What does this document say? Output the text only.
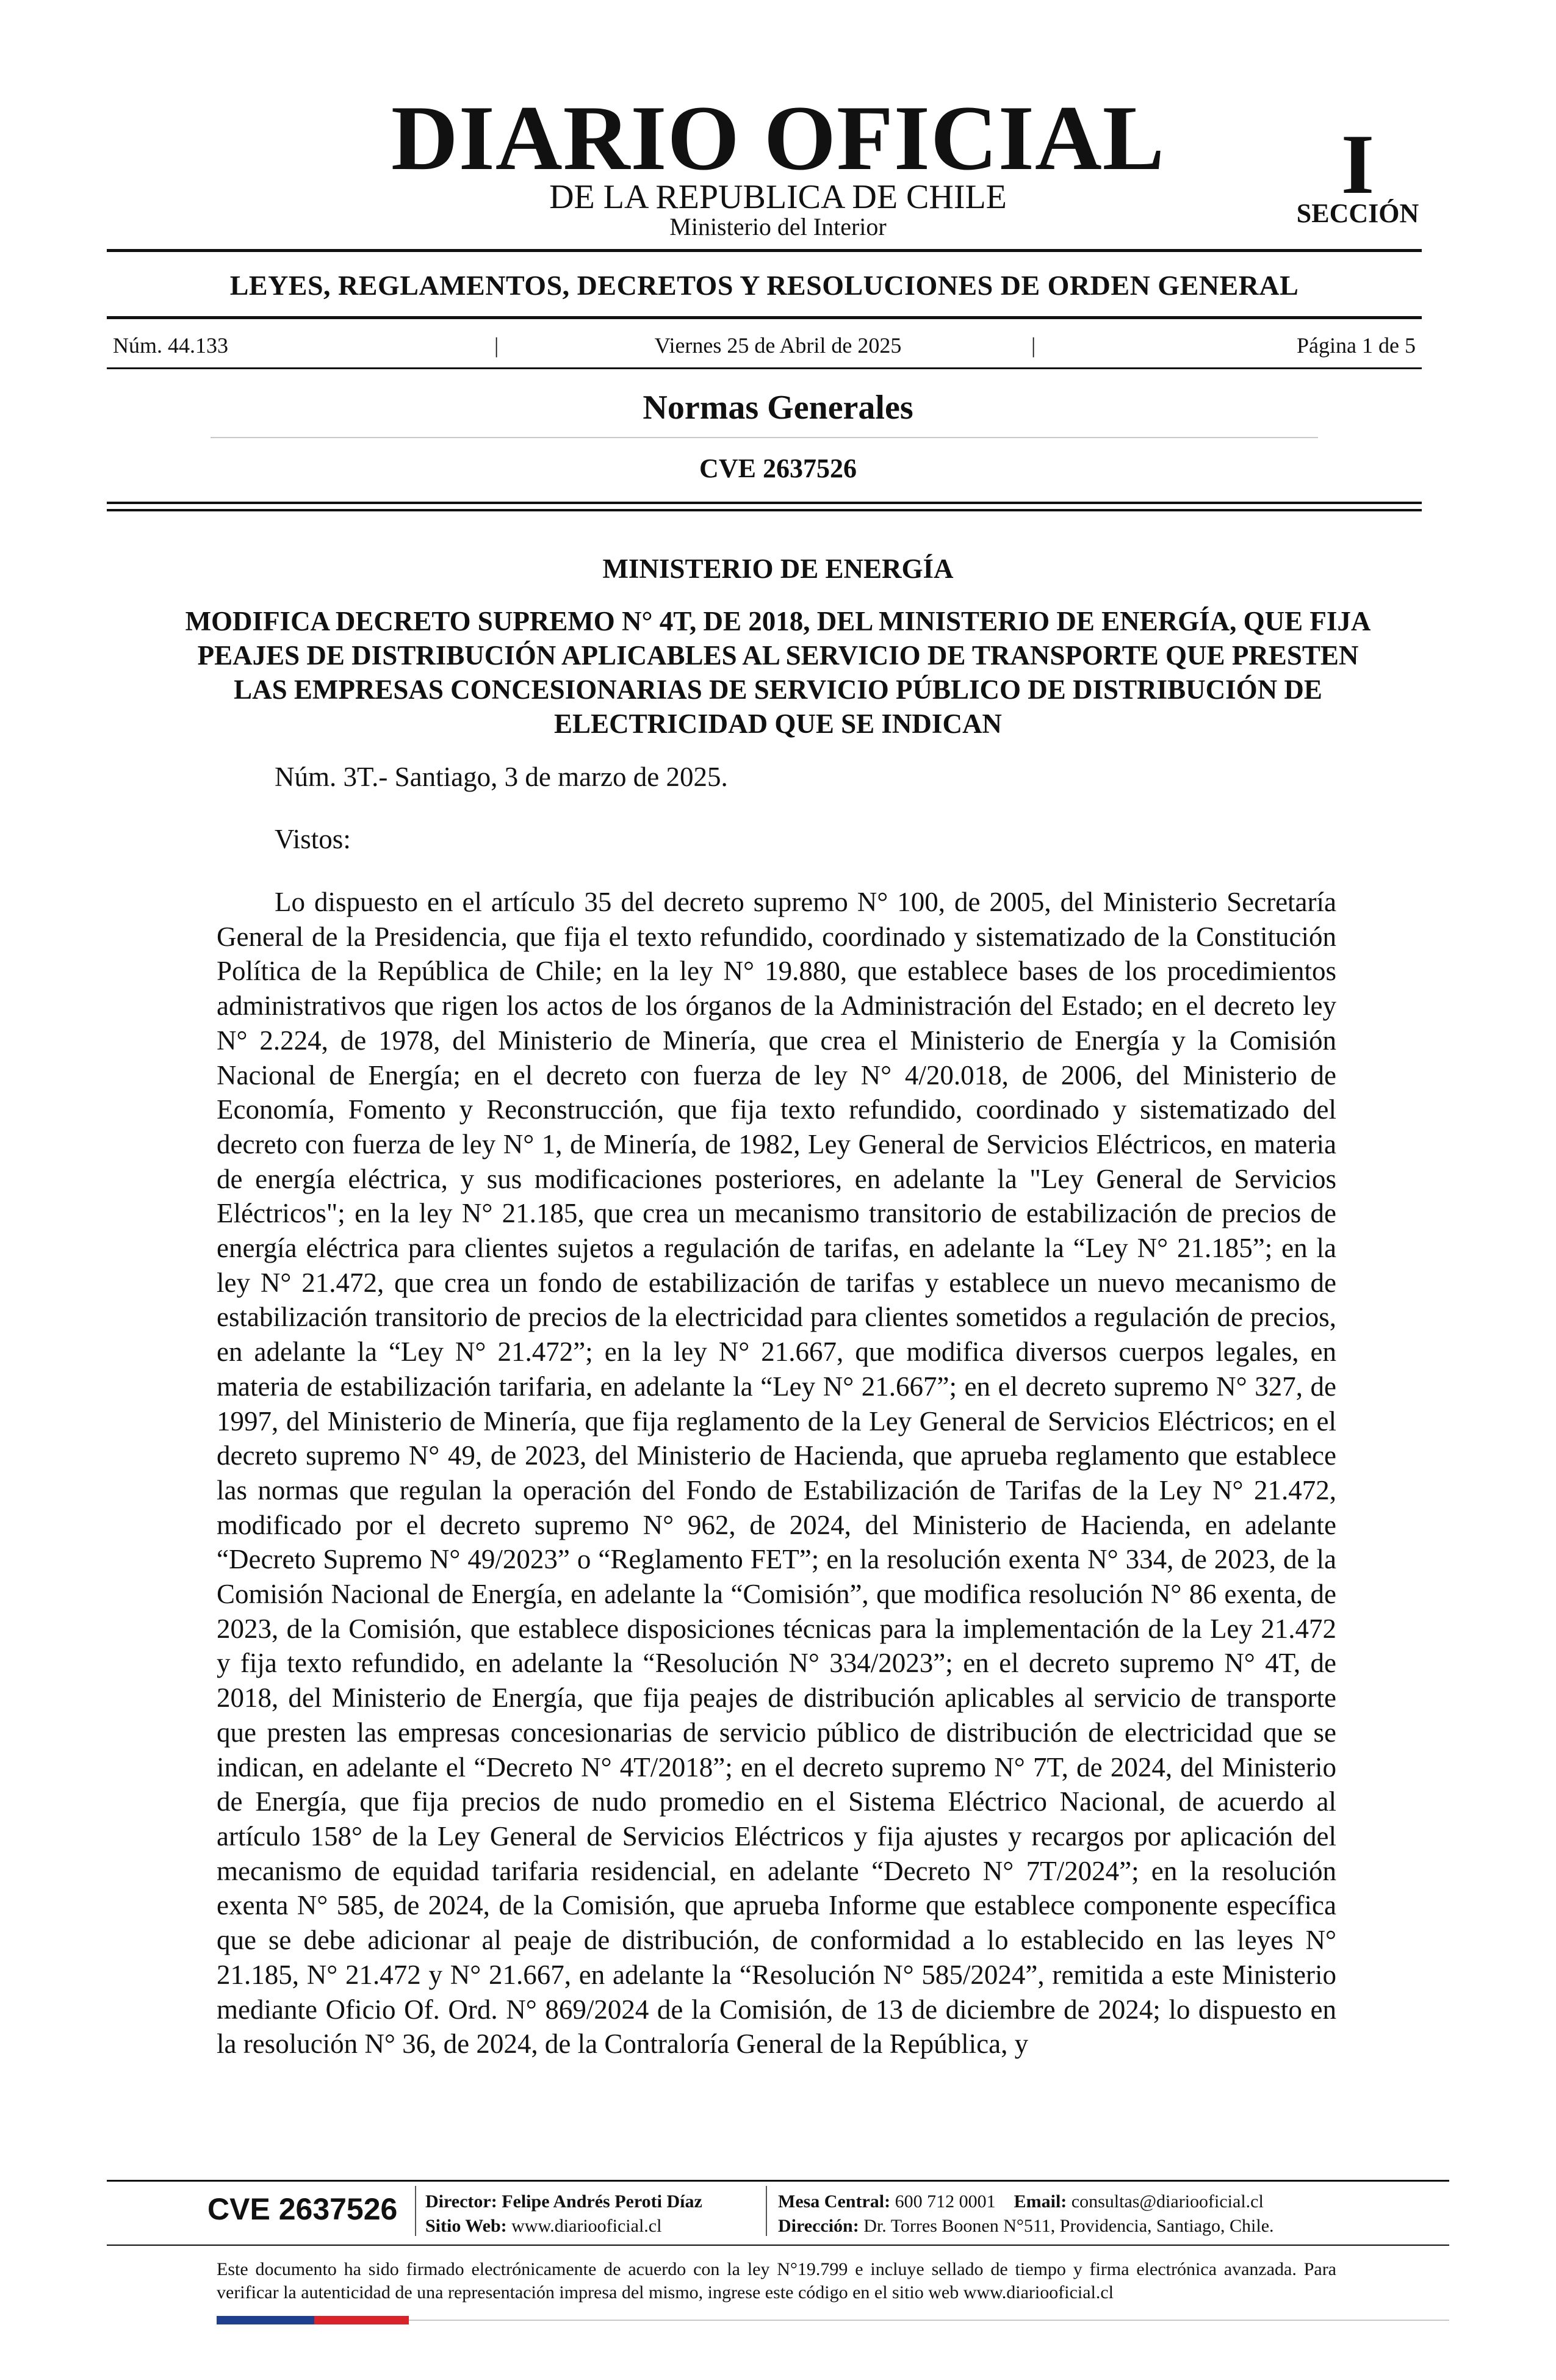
DIARIO OFICIAL
DE LA REPUBLICA DE CHILE
Ministerio del Interior
I
SECCIÓN
LEYES, REGLAMENTOS, DECRETOS Y RESOLUCIONES DE ORDEN GENERAL
Núm. 44.133	|	Viernes 25 de Abril de 2025	|	Página 1 de 5
Normas Generales
CVE 2637526
MINISTERIO DE ENERGÍA
MODIFICA DECRETO SUPREMO N° 4T, DE 2018, DEL MINISTERIO DE ENERGÍA, QUE FIJA PEAJES DE DISTRIBUCIÓN APLICABLES AL SERVICIO DE TRANSPORTE QUE PRESTEN LAS EMPRESAS CONCESIONARIAS DE SERVICIO PÚBLICO DE DISTRIBUCIÓN DE ELECTRICIDAD QUE SE INDICAN
Núm. 3T.- Santiago, 3 de marzo de 2025.
Vistos:

Lo dispuesto en el artículo 35 del decreto supremo N° 100, de 2005, del Ministerio Secretaría General de la Presidencia, que fija el texto refundido, coordinado y sistematizado de la Constitución Política de la República de Chile; en la ley N° 19.880, que establece bases de los procedimientos administrativos que rigen los actos de los órganos de la Administración del Estado; en el decreto ley N° 2.224, de 1978, del Ministerio de Minería, que crea el Ministerio de Energía y la Comisión Nacional de Energía; en el decreto con fuerza de ley N° 4/20.018, de 2006, del Ministerio de Economía, Fomento y Reconstrucción, que fija texto refundido, coordinado y sistematizado del decreto con fuerza de ley N° 1, de Minería, de 1982, Ley General de Servicios Eléctricos, en materia de energía eléctrica, y sus modificaciones posteriores, en adelante la "Ley General de Servicios Eléctricos"; en la ley N° 21.185, que crea un mecanismo transitorio de estabilización de precios de energía eléctrica para clientes sujetos a regulación de tarifas, en adelante la “Ley N° 21.185”; en la ley N° 21.472, que crea un fondo de estabilización de tarifas y establece un nuevo mecanismo de estabilización transitorio de precios de la electricidad para clientes sometidos a regulación de precios, en adelante la “Ley N° 21.472”; en la ley N° 21.667, que modifica diversos cuerpos legales, en materia de estabilización tarifaria, en adelante la “Ley N° 21.667”; en el decreto supremo N° 327, de 1997, del Ministerio de Minería, que fija reglamento de la Ley General de Servicios Eléctricos; en el decreto supremo N° 49, de 2023, del Ministerio de Hacienda, que aprueba reglamento que establece las normas que regulan la operación del Fondo de Estabilización de Tarifas de la Ley N° 21.472, modificado por el decreto supremo N° 962, de 2024, del Ministerio de Hacienda, en adelante “Decreto Supremo N° 49/2023” o “Reglamento FET”; en la resolución exenta N° 334, de 2023, de la Comisión Nacional de Energía, en adelante la “Comisión”, que modifica resolución N° 86 exenta, de 2023, de la Comisión, que establece disposiciones técnicas para la implementación de la Ley 21.472 y fija texto refundido, en adelante la “Resolución N° 334/2023”; en el decreto supremo N° 4T, de 2018, del Ministerio de Energía, que fija peajes de distribución aplicables al servicio de transporte que presten las empresas concesionarias de servicio público de distribución de electricidad que se indican, en adelante el “Decreto N° 4T/2018”; en el decreto supremo N° 7T, de 2024, del Ministerio de Energía, que fija precios de nudo promedio en el Sistema Eléctrico Nacional, de acuerdo al artículo 158° de la Ley General de Servicios Eléctricos y fija ajustes y recargos por aplicación del mecanismo de equidad tarifaria residencial, en adelante “Decreto N° 7T/2024”; en la resolución exenta N° 585, de 2024, de la Comisión, que aprueba Informe que establece componente específica que se debe adicionar al peaje de distribución, de conformidad a lo establecido en las leyes N° 21.185, N° 21.472 y N° 21.667, en adelante la “Resolución N° 585/2024”, remitida a este Ministerio mediante Oficio Of. Ord. N° 869/2024 de la Comisión, de 13 de diciembre de 2024; lo dispuesto en la resolución N° 36, de 2024, de la Contraloría General de la República, y

CVE 2637526	Director: Felipe Andrés Peroti Díaz
Sitio Web: www.diariooficial.cl
Mesa Central: 600 712 0001 Email: consultas@diariooficial.cl
Dirección: Dr. Torres Boonen N°511, Providencia, Santiago, Chile.
Este documento ha sido firmado electrónicamente de acuerdo con la ley N°19.799 e incluye sellado de tiempo y firma electrónica avanzada. Para verificar la autenticidad de una representación impresa del mismo, ingrese este código en el sitio web www.diariooficial.cl
